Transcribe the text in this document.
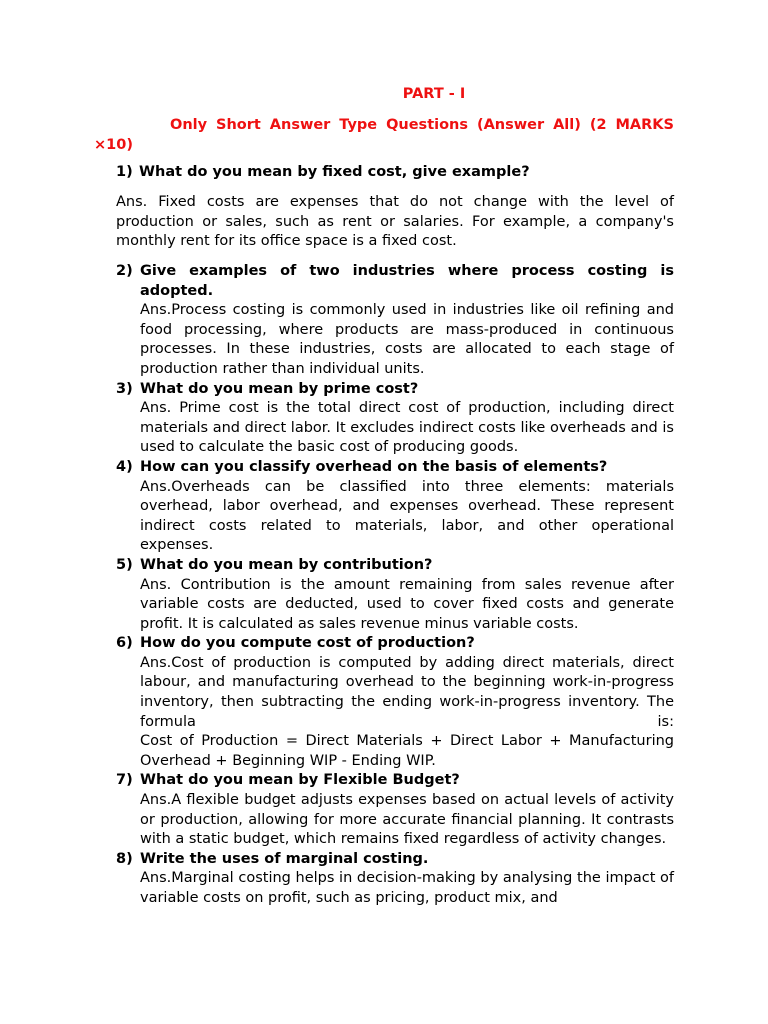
PART - I
Only Short Answer Type Questions (Answer All) (2 MARKS ×10)
1) What do you mean by fixed cost, give example?

Ans. Fixed costs are expenses that do not change with the level of production or sales, such as rent or salaries. For example, a company's monthly rent for its office space is a fixed cost.

2) Give examples of two industries where process costing is adopted.
Ans.Process costing is commonly used in industries like oil refining and food processing, where products are mass-produced in continuous processes. In these industries, costs are allocated to each stage of production rather than individual units.
3) What do you mean by prime cost?
Ans. Prime cost is the total direct cost of production, including direct materials and direct labor. It excludes indirect costs like overheads and is used to calculate the basic cost of producing goods.
4) How can you classify overhead on the basis of elements?
Ans.Overheads can be classified into three elements: materials overhead, labor overhead, and expenses overhead. These represent indirect costs related to materials, labor, and other operational expenses.
5) What do you mean by contribution?
Ans. Contribution is the amount remaining from sales revenue after variable costs are deducted, used to cover fixed costs and generate profit. It is calculated as sales revenue minus variable costs.
6) How do you compute cost of production?
Ans.Cost of production is computed by adding direct materials, direct labour, and manufacturing overhead to the beginning work-in-progress inventory, then subtracting the ending work-in-progress inventory. The formula is:
Cost of Production = Direct Materials + Direct Labor + Manufacturing Overhead + Beginning WIP - Ending WIP.
7) What do you mean by Flexible Budget?
Ans.A flexible budget adjusts expenses based on actual levels of activity or production, allowing for more accurate financial planning. It contrasts with a static budget, which remains fixed regardless of activity changes.
8) Write the uses of marginal costing.
Ans.Marginal costing helps in decision-making by analysing the impact of variable costs on profit, such as pricing, product mix, and
